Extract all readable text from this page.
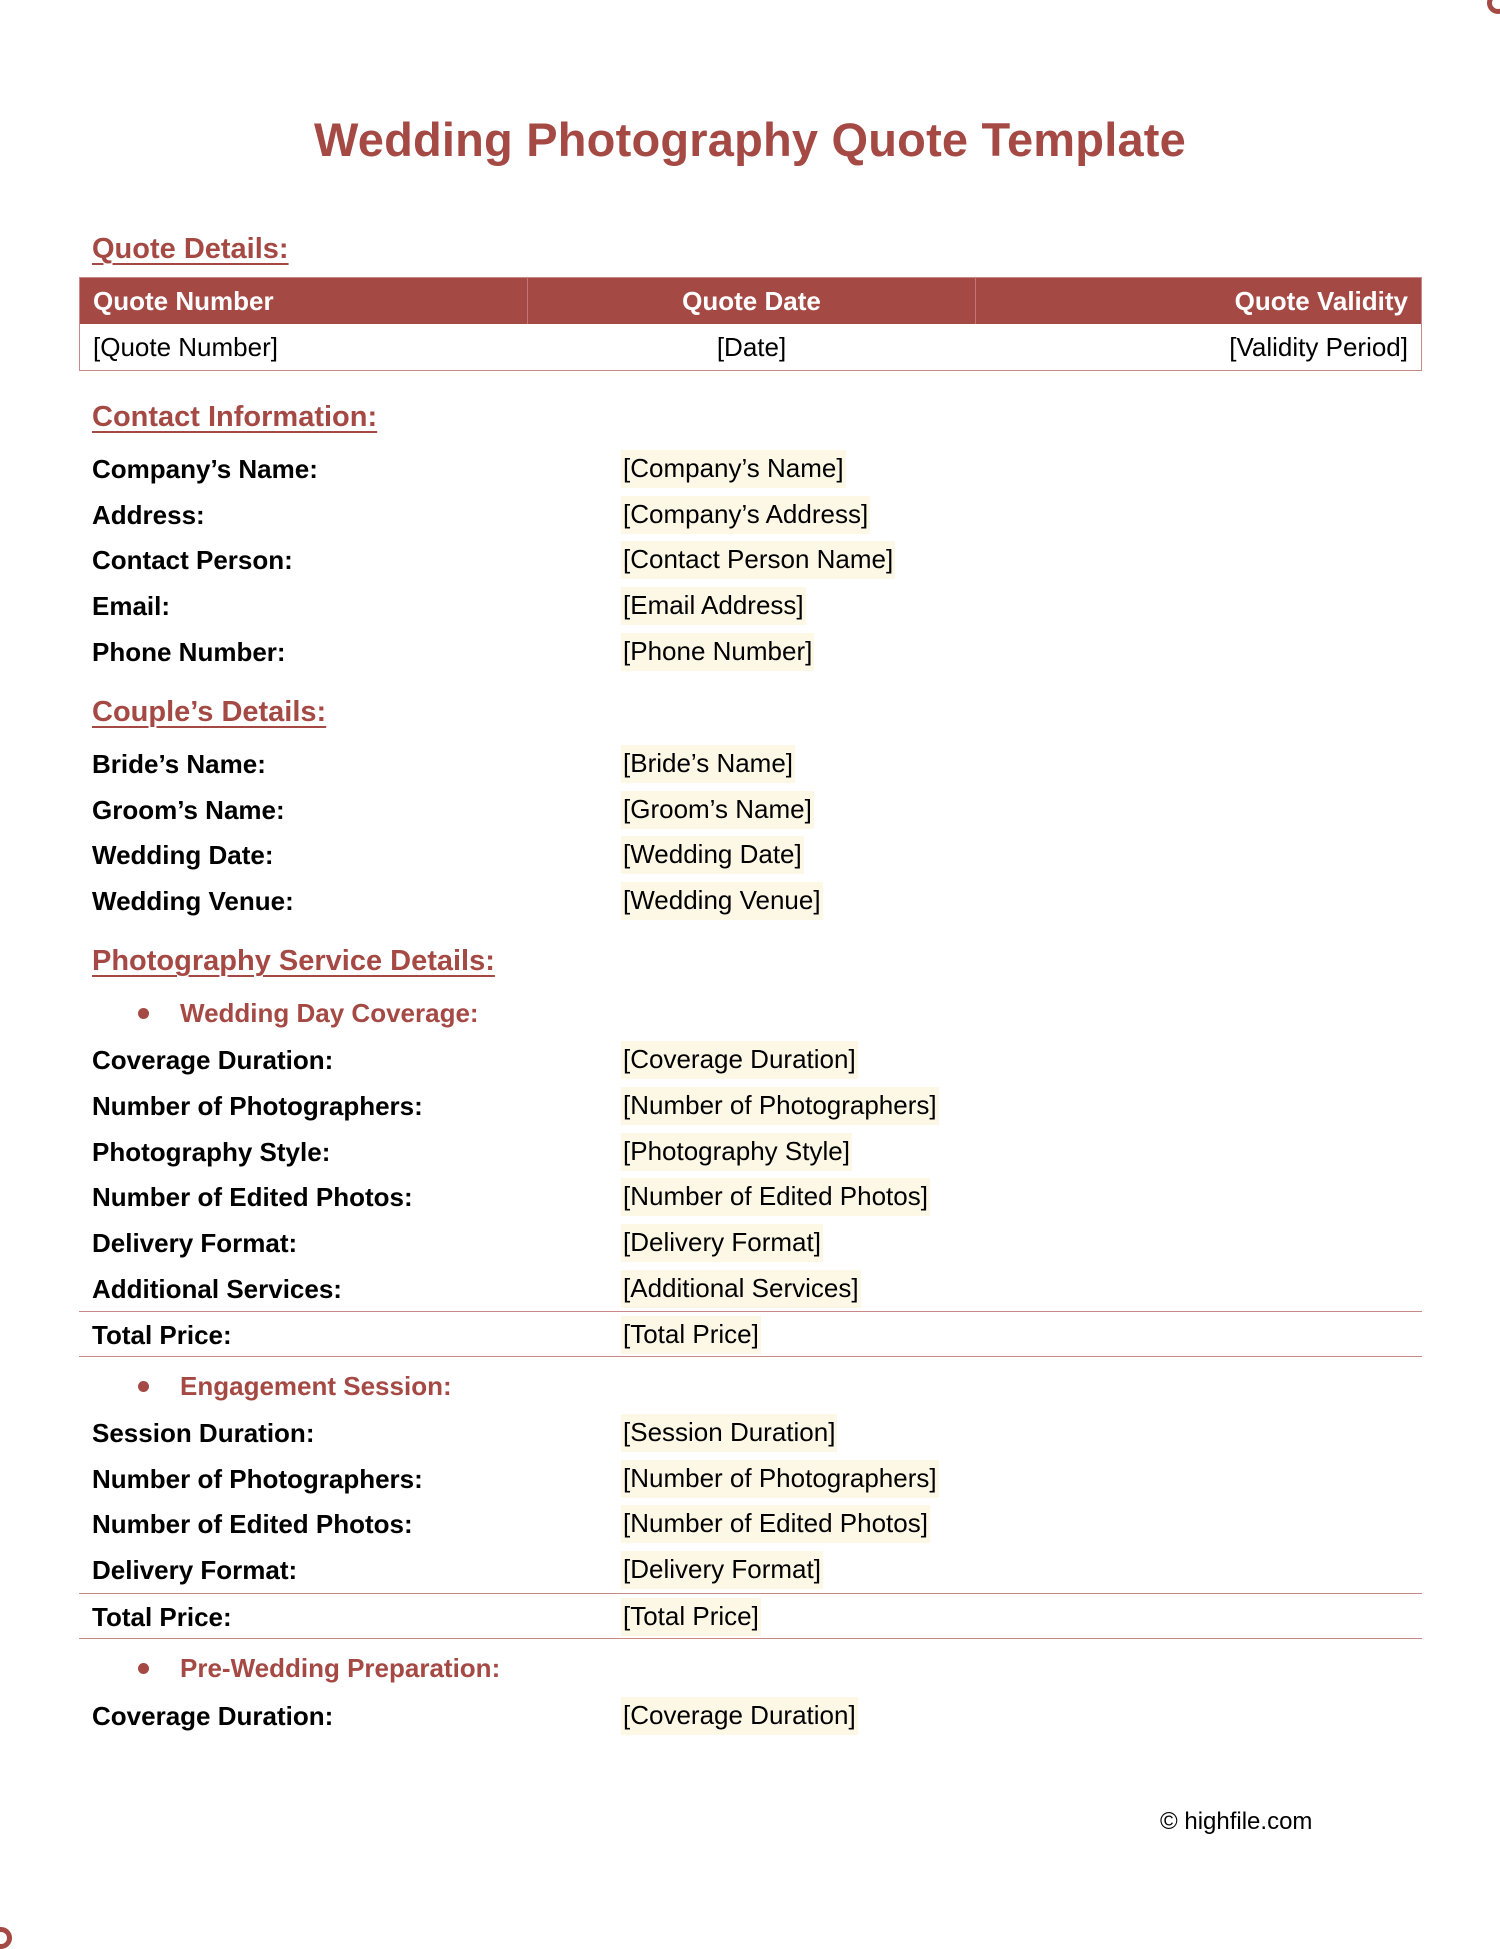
Wedding Photography Quote Template
Quote Details:
Quote Number	Quote Date	Quote Validity
[Quote Number]	[Date]	[Validity Period]
Contact Information:
Company’s Name:	[Company’s Name]
Address:	[Company’s Address]
Contact Person:	[Contact Person Name]
Email:	[Email Address]
Phone Number:	[Phone Number]
Couple’s Details:
Bride’s Name:	[Bride’s Name]
Groom’s Name:	[Groom’s Name]
Wedding Date:	[Wedding Date]
Wedding Venue:	[Wedding Venue]
Photography Service Details:
Wedding Day Coverage:
Coverage Duration:	[Coverage Duration]
Number of Photographers:	[Number of Photographers]
Photography Style:	[Photography Style]
Number of Edited Photos:	[Number of Edited Photos]
Delivery Format:	[Delivery Format]
Additional Services:	[Additional Services]
Total Price:	[Total Price]
Engagement Session:
Session Duration:	[Session Duration]
Number of Photographers:	[Number of Photographers]
Number of Edited Photos:	[Number of Edited Photos]
Delivery Format:	[Delivery Format]
Total Price:	[Total Price]
Pre-Wedding Preparation:
Coverage Duration:	[Coverage Duration]
© highfile.com
